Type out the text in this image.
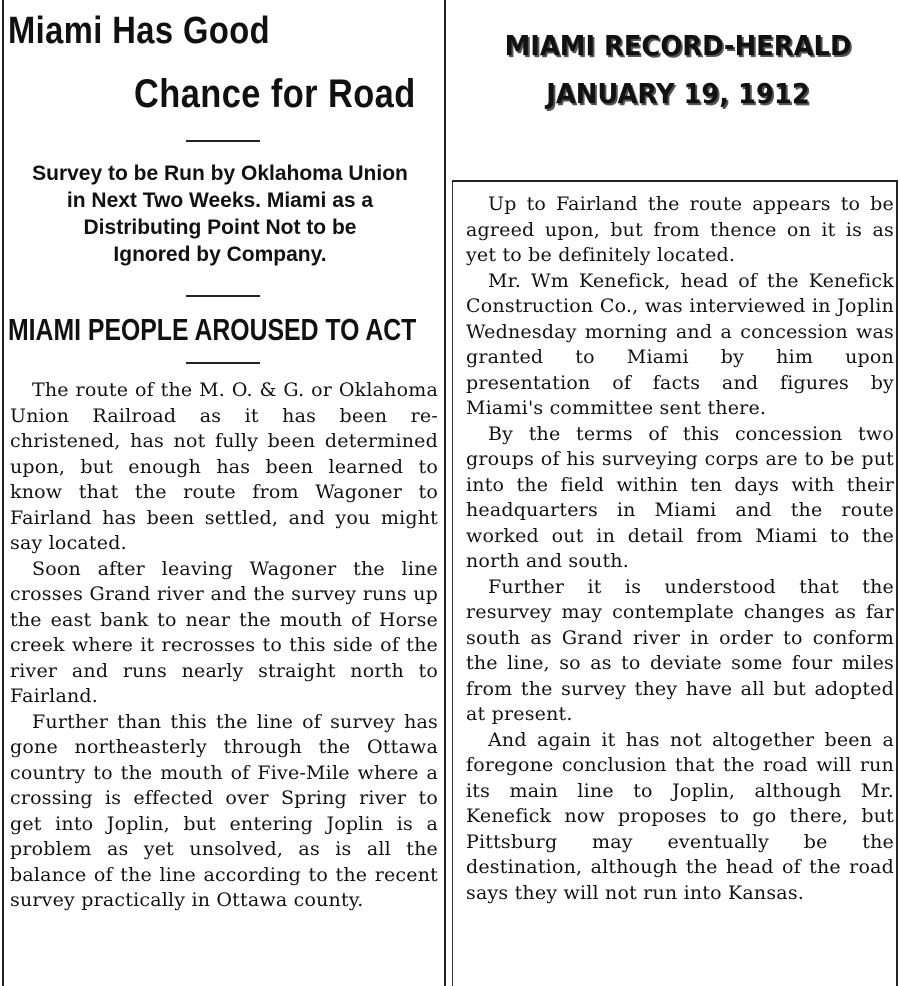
Miami Has Good
Chance for Road
Survey to be Run by Oklahoma Union
in Next Two Weeks. Miami as a
Distributing Point Not to be
Ignored by Company.
MIAMI PEOPLE AROUSED TO ACT

The route of the M. O. & G. or Oklahoma Union Railroad as it has been re-christened, has not fully been determined upon, but enough has been learned to know that the route from Wagoner to Fairland has been settled, and you might say located.

Soon after leaving Wagoner the line crosses Grand river and the survey runs up the east bank to near the mouth of Horse creek where it recrosses to this side of the river and runs nearly straight north to Fairland.

Further than this the line of survey has gone northeasterly through the Ottawa country to the mouth of Five-Mile where a crossing is effected over Spring river to get into Joplin, but entering Joplin is a problem as yet unsolved, as is all the balance of the line according to the recent survey practically in Ottawa county.

MIAMI RECORD-HERALD
JANUARY 19, 1912

Up to Fairland the route appears to be agreed upon, but from thence on it is as yet to be definitely located.

Mr. Wm Kenefick, head of the Kenefick Construction Co., was interviewed in Joplin Wednesday morning and a concession was granted to Miami by him upon presentation of facts and figures by Miami's committee sent there.

By the terms of this concession two groups of his surveying corps are to be put into the field within ten days with their headquarters in Miami and the route worked out in detail from Miami to the north and south.

Further it is understood that the resurvey may contemplate changes as far south as Grand river in order to conform the line, so as to deviate some four miles from the survey they have all but adopted at present.

And again it has not altogether been a foregone conclusion that the road will run its main line to Joplin, although Mr. Kenefick now proposes to go there, but Pittsburg may eventually be the destination, although the head of the road says they will not run into Kansas.
